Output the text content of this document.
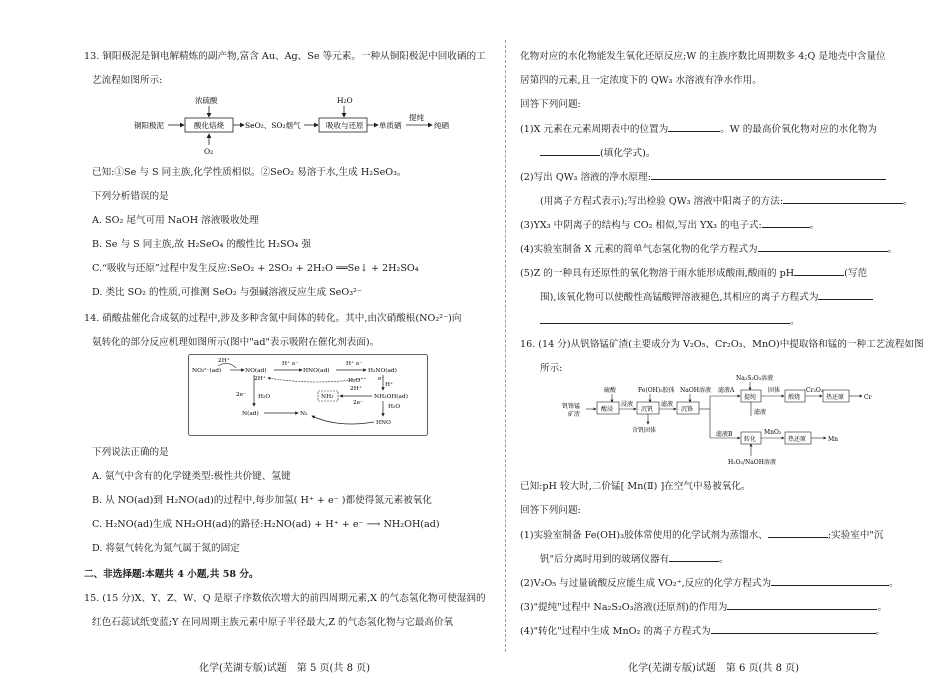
13. 铜阳极泥是铜电解精炼的副产物,富含 Au、Ag、Se 等元素。一种从铜阳极泥中回收硒的工
艺流程如图所示:
浓硫酸	H₂O
铜阳极泥	酸化焙烧	SeO₂、SO₂烟气	吸收与还原 单质硒
提纯
纯硒
O₂
已知:①Se 与 S 同主族,化学性质相似。②SeO₂ 易溶于水,生成 H₂SeO₃。
下列分析错误的是
A. SO₂ 尾气可用 NaOH 溶液吸收处理
B. Se 与 S 同主族,故 H₂SeO₄ 的酸性比 H₂SO₄ 强
C.“吸收与还原”过程中发生反应:SeO₂ + 2SO₂ + 2H₂O ══Se↓ + 2H₂SO₄
D. 类比 SO₂ 的性质,可推测 SeO₂ 与强碱溶液反应生成 SeO₃²⁻
14. 硝酸盐催化合成氨的过程中,涉及多种含氮中间体的转化。其中,由次硝酸根(NO₂²⁻)向
氨转化的部分反应机理如图所示(图中"ad"表示吸附在催化剂表面)。
2H⁺
NO₂²⁻(ad)	NO(ad)
H⁺ e⁻
HNO(ad)
H⁺ e⁻
H₂NO(ad)
2H⁺
2e⁻ H₂O
N(ad)	N₂
e⁻
H⁺
NH₂OH(ad)
NH₃
2H⁺
2e⁻
H₂O
H₂O
HNO
下列说法正确的是
A. 氨气中含有的化学键类型:极性共价键、氢键
B. 从 NO(ad)到 H₂NO(ad)的过程中,每步加氢( H⁺ + e⁻ )都使得氮元素被氧化
C. H₂NO(ad)生成 NH₂OH(ad)的路径:H₂NO(ad) + H⁺ + e⁻ ⟶ NH₂OH(ad)
D. 将氨气转化为氮气属于氮的固定
二、非选择题:本题共 4 小题,共 58 分。
15. (15 分)X、Y、Z、W、Q 是原子序数依次增大的前四周期元素,X 的气态氢化物可使湿润的
红色石蕊试纸变蓝;Y 在同周期主族元素中原子半径最大,Z 的气态氢化物与它最高价氧
化学(芜湖专版)试题　第 5 页(共 8 页)
化物对应的水化物能发生氧化还原反应;W 的主族序数比周期数多 4;Q 是地壳中含量位
居第四的元素,且一定浓度下的 QW₃ 水溶液有净水作用。
回答下列问题:
(1)X 元素在元素周期表中的位置为	。W 的最高价氧化物对应的水化物为
(填化学式)。
(2)写出 QW₃ 溶液的净水原理:
(用离子方程式表示);写出检验 QW₃ 溶液中阳离子的方法:	。
(3)YX₃ 中阴离子的结构与 CO₂ 相似,写出 YX₃ 的电子式:	。
(4)实验室制备 X 元素的简单气态氢化物的化学方程式为	。
(5)Z 的一种具有还原性的氧化物溶于雨水能形成酸雨,酸雨的 pH	(写范
围),该氧化物可以使酸性高锰酸钾溶液褪色,其相应的离子方程式为
。
16. (14 分)从钒铬锰矿渣(主要成分为 V₂O₅、Cr₂O₃、MnO)中提取铬和锰的一种工艺流程如图
所示:
Na₂S₂O₃溶液
硫酸	Fe(OH)₃胶体 NaOH溶液 滤液A	固体	Cr₂O₃
钒铬锰
矿渣
酸浸
浸液
沉钒
滤液
沉铬
含钒固体
提纯	煅烧	热还原	Cr
滤液
滤液B
转化
MnO₂
热还原	Mn
H₂O₂/NaOH溶液
已知:pH 较大时,二价锰[ Mn(Ⅱ) ]在空气中易被氧化。
回答下列问题:
(1)实验室制备 Fe(OH)₃胶体常使用的化学试剂为蒸馏水、	;实验室中"沉
钒"后分离时用到的玻璃仪器有	。
(2)V₂O₅ 与过量硫酸反应能生成 VO₂⁺,反应的化学方程式为	。
(3)"提纯"过程中 Na₂S₂O₃溶液(还原剂)的作用为	。
(4)"转化"过程中生成 MnO₂ 的离子方程式为	。
化学(芜湖专版)试题　第 6 页(共 8 页)
